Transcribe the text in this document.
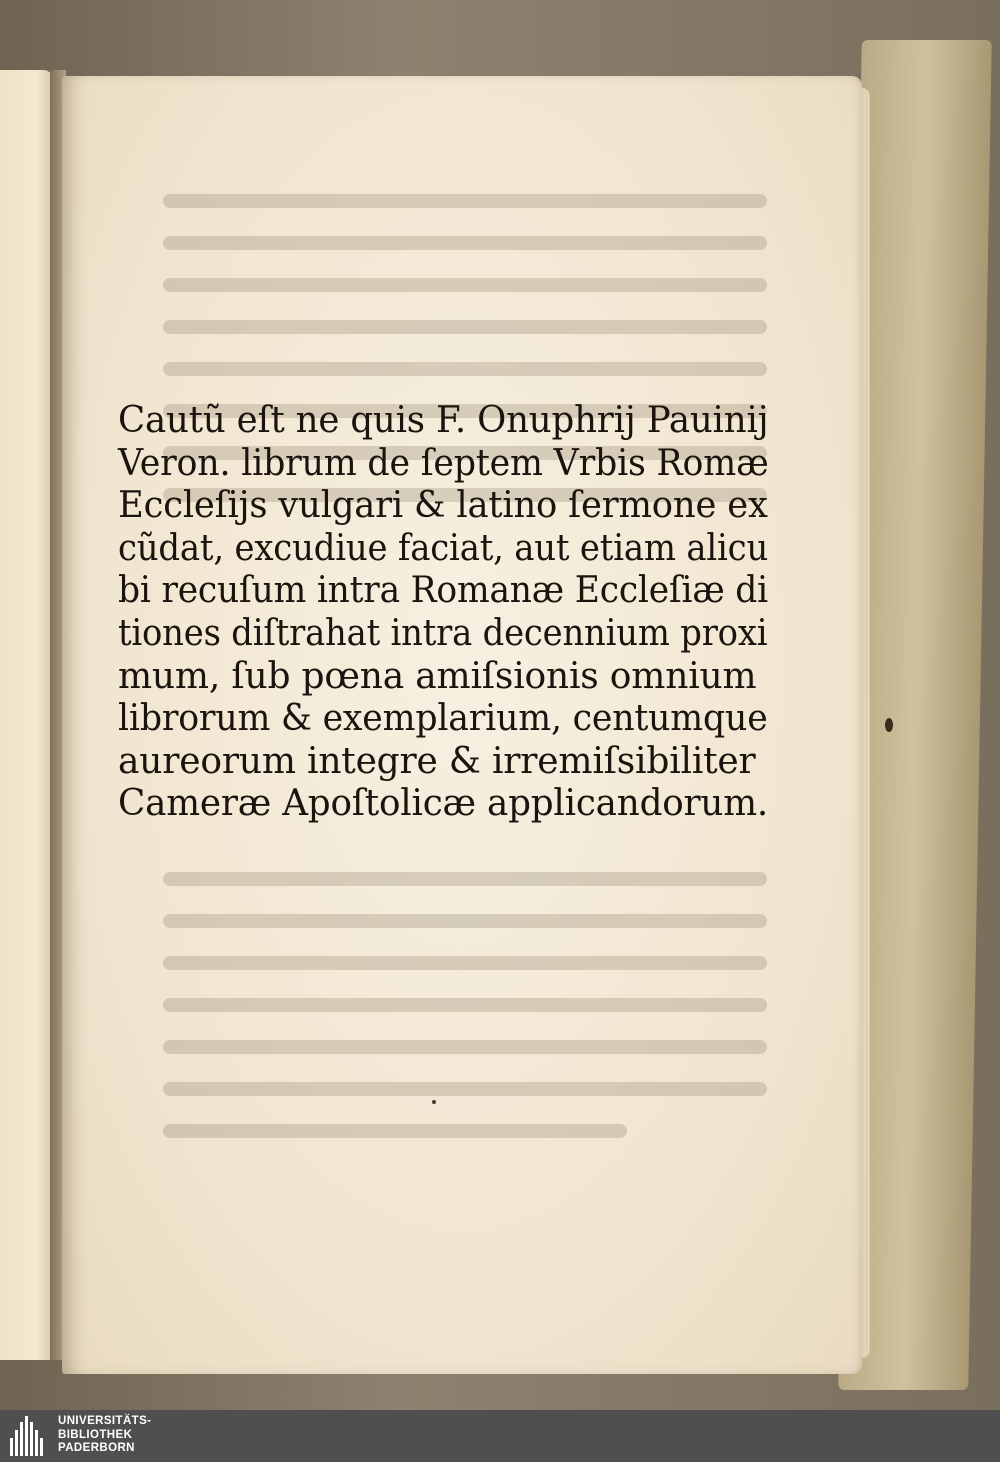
Cautũ eſt ne quis F. Onuphrij Pauinij
Veron. librum de ſeptem Vrbis Romæ
Eccleſijs vulgari & latino ſermone ex
cũdat, excudiue faciat, aut etiam alicu
bi recuſum intra Romanæ Eccleſiæ di
tiones diſtrahat intra decennium proxi
mum, ſub pœna amiſsionis omnium
librorum & exemplarium, centumque
aureorum integre & irremiſsibiliter
Cameræ Apoſtolicæ applicandorum.
UNIVERSITÄTS-
BIBLIOTHEK
PADERBORN
